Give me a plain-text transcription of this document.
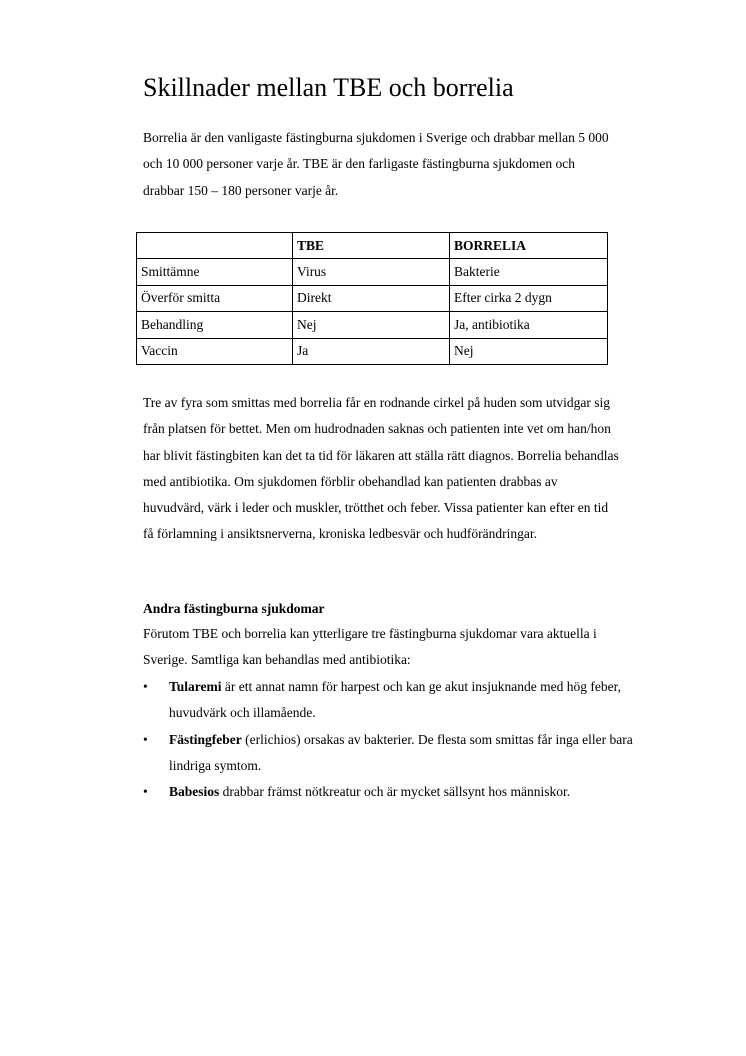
Skillnader mellan TBE och borrelia

Borrelia är den vanligaste fästingburna sjukdomen i Sverige och drabbar mellan 5 000 och 10 000 personer varje år. TBE är den farligaste fästingburna sjukdomen och drabbar 150 – 180 personer varje år.

	TBE	BORRELIA
Smittämne	Virus	Bakterie
Överför smitta	Direkt	Efter cirka 2 dygn
Behandling	Nej	Ja, antibiotika
Vaccin	Ja	Nej

Tre av fyra som smittas med borrelia får en rodnande cirkel på huden som utvidgar sig från platsen för bettet. Men om hudrodnaden saknas och patienten inte vet om han/hon har blivit fästingbiten kan det ta tid för läkaren att ställa rätt diagnos. Borrelia behandlas med antibiotika. Om sjukdomen förblir obehandlad kan patienten drabbas av huvudvärd, värk i leder och muskler, trötthet och feber. Vissa patienter kan efter en tid få förlamning i ansiktsnerverna, kroniska ledbesvär och hudförändringar.

Andra fästingburna sjukdomar

Förutom TBE och borrelia kan ytterligare tre fästingburna sjukdomar vara aktuella i Sverige. Samtliga kan behandlas med antibiotika:

• Tularemi är ett annat namn för harpest och kan ge akut insjuknande med hög feber, huvudvärk och illamående.
• Fästingfeber (erlichios) orsakas av bakterier. De flesta som smittas får inga eller bara lindriga symtom.
• Babesios drabbar främst nötkreatur och är mycket sällsynt hos människor.
